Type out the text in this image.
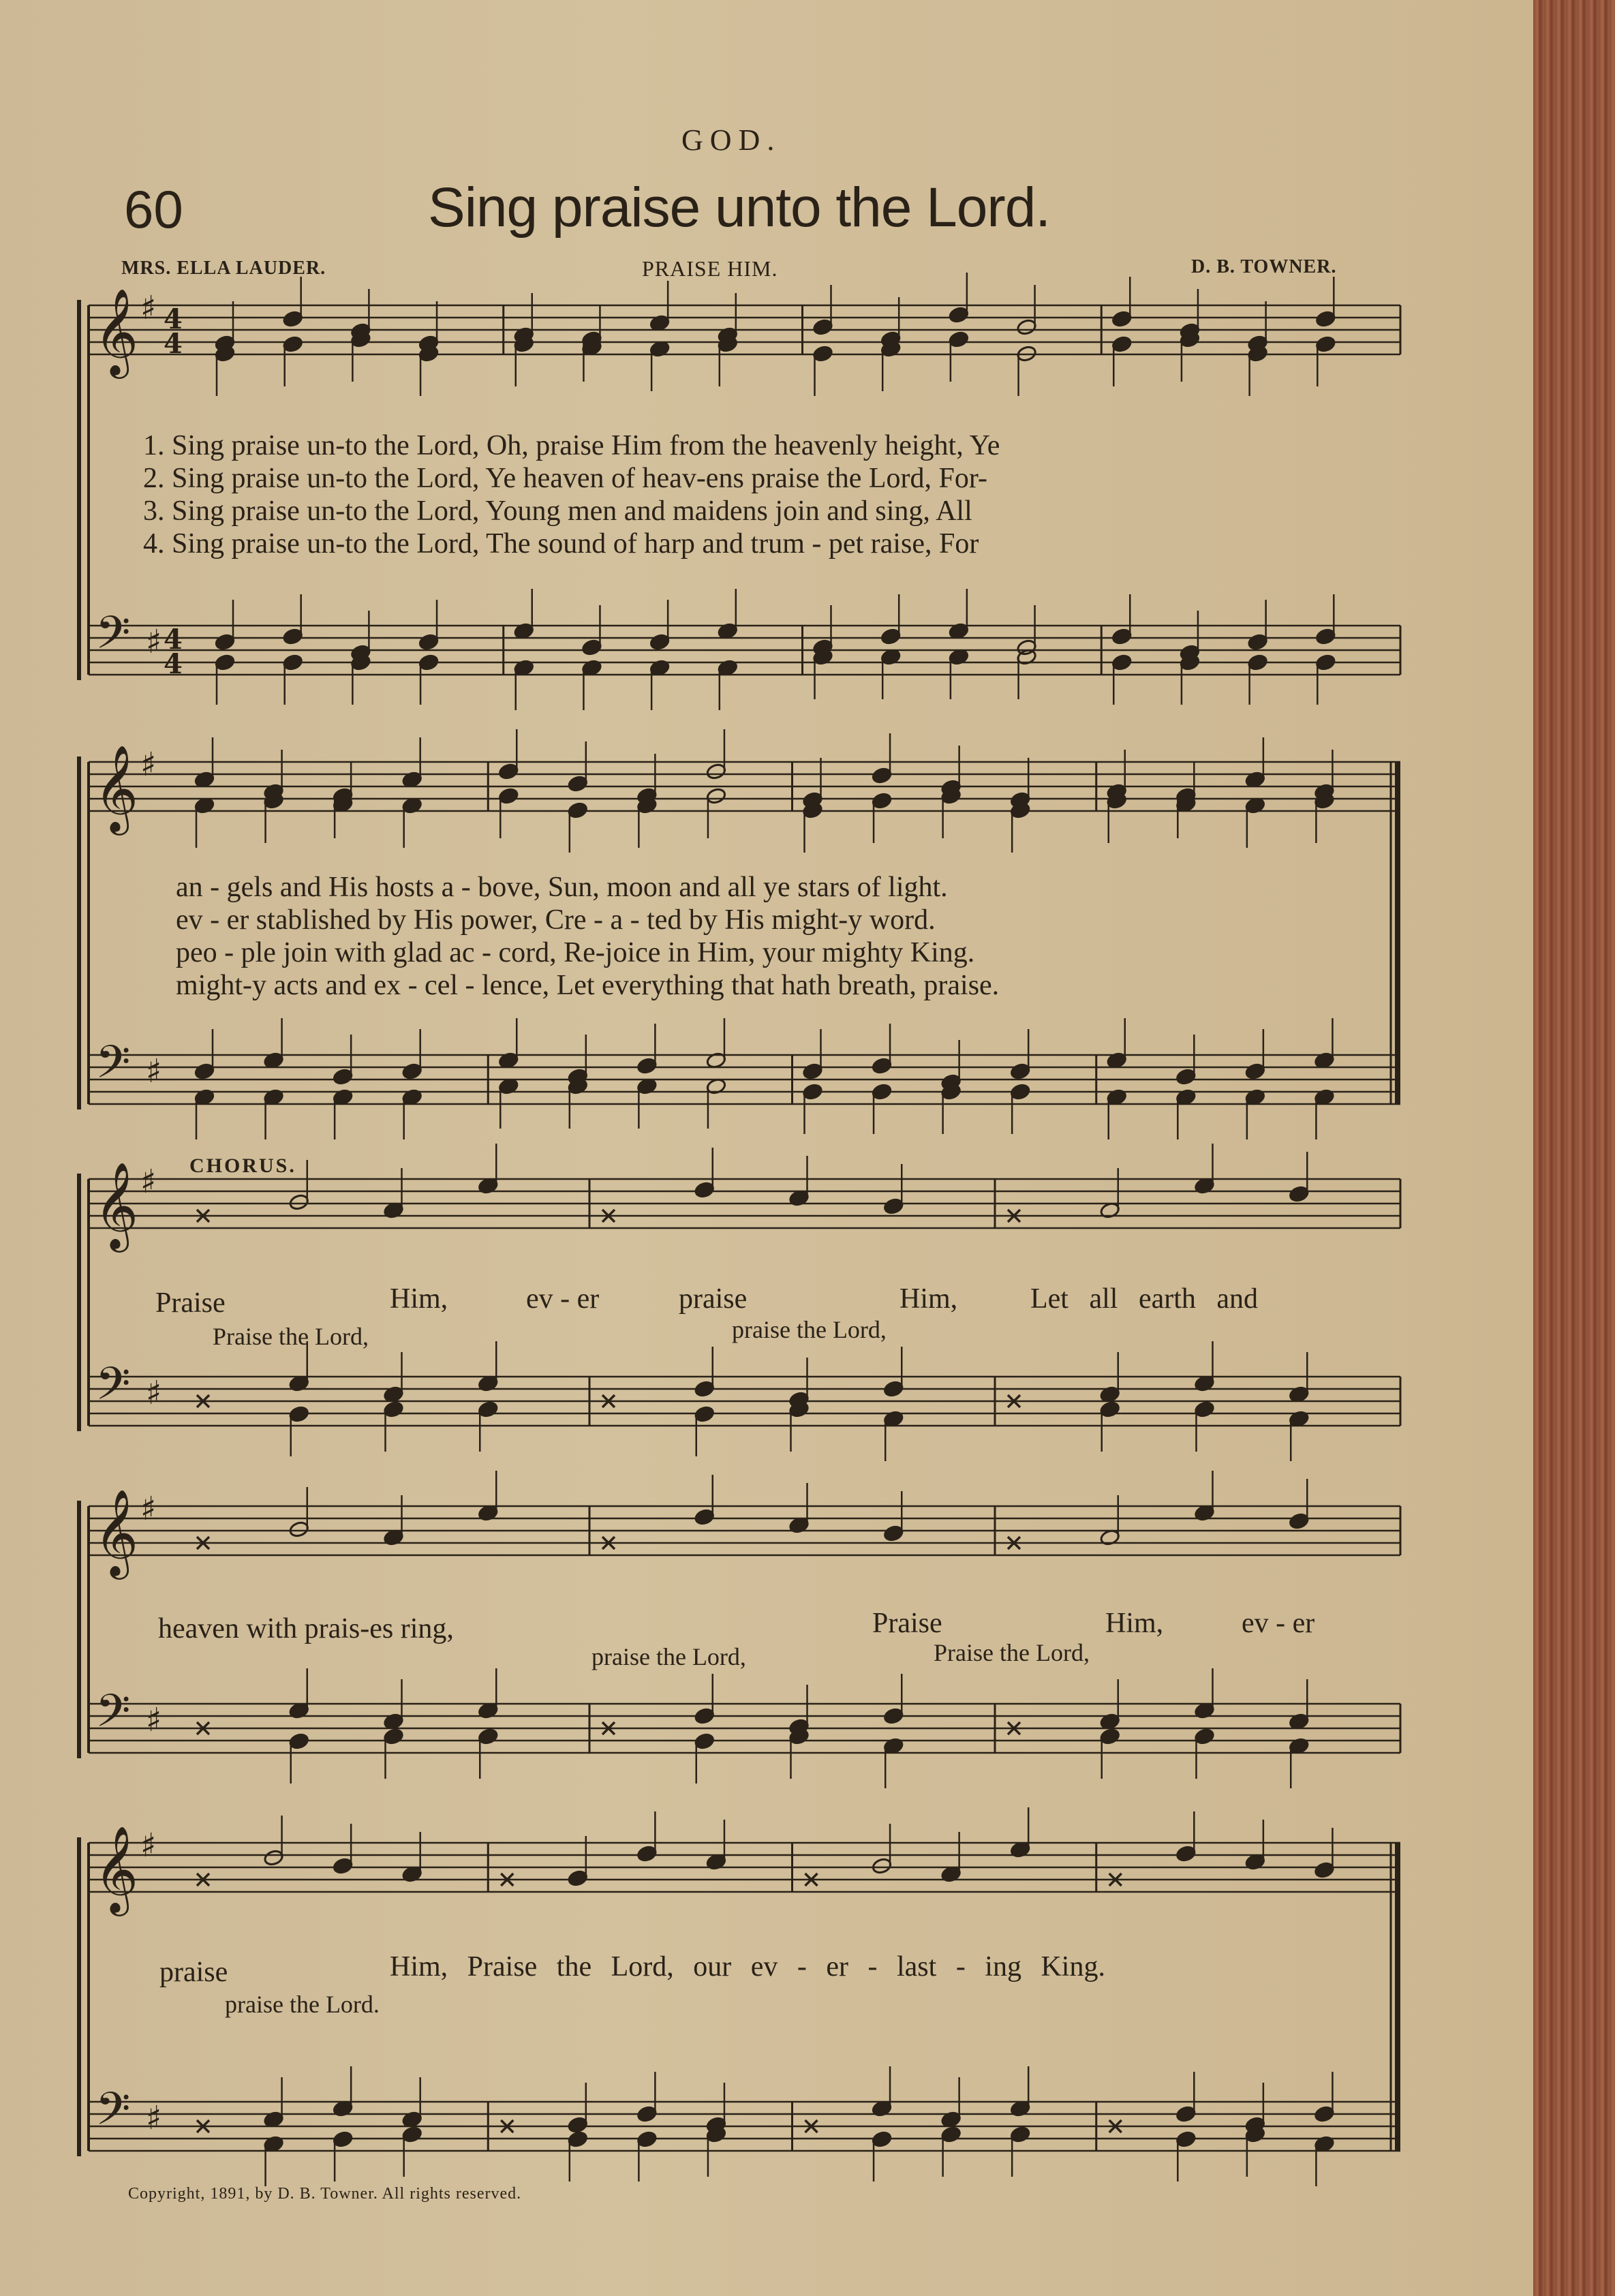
GOD.
60	Sing praise unto the Lord.
MRS. ELLA LAUDER.	PRAISE HIM.	D. B. TOWNER.
1. Sing praise un-to the Lord, Oh, praise Him from the heavenly height, Ye
2. Sing praise un-to the Lord, Ye heaven of heav-ens praise the Lord, For-
3. Sing praise un-to the Lord, Young men and maidens join and sing, All
4. Sing praise un-to the Lord, The sound of harp and trum - pet raise, For
an - gels and His hosts a - bove, Sun, moon and all ye stars of light.
ev - er stablished by His power, Cre - a - ted by His might-y word.
peo - ple join with glad ac - cord, Re-joice in Him, your mighty King.
might-y acts and ex - cel - lence, Let everything that hath breath, praise.
CHORUS.
Praise	Him,	ev - er	praise	Him,	Let all earth and
Praise the Lord,	praise the Lord,
heaven with prais-es ring,	Praise	Him,	ev - er
praise the Lord,	Praise the Lord,
praise	Him, Praise the Lord, our ev - er - last - ing King.
praise the Lord.
Copyright, 1891, by D. B. Towner. All rights reserved.
𝄞 ♯
𝄢 ♯
4
4
4
4
𝄞 ♯
𝄢 ♯
𝄞 ♯
𝄢 ♯
𝄞 ♯
𝄢 ♯
𝄞 ♯
𝄢 ♯
